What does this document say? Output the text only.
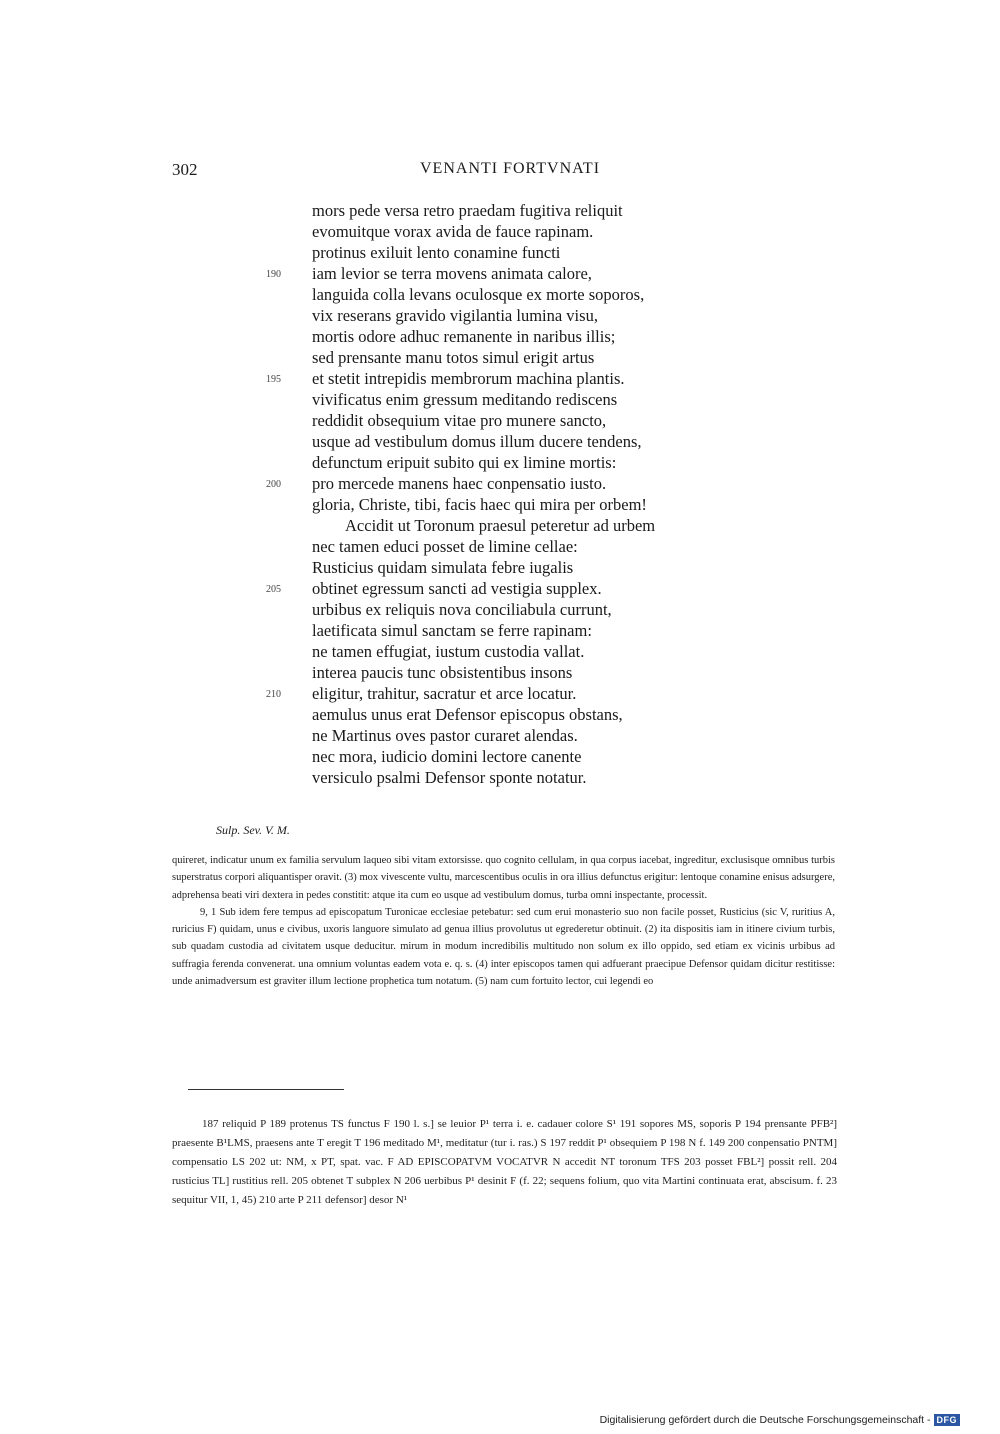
302	VENANTI FORTVNATI
mors pede versa retro praedam fugitiva reliquit
evomuitque vorax avida de fauce rapinam.
protinus exiluit lento conamine functi
190 iam levior se terra movens animata calore,
languida colla levans oculosque ex morte soporos,
vix reserans gravido vigilantia lumina visu,
mortis odore adhuc remanente in naribus illis;
sed prensante manu totos simul erigit artus
195 et stetit intrepidis membrorum machina plantis.
vivificatus enim gressum meditando rediscens
reddidit obsequium vitae pro munere sancto,
usque ad vestibulum domus illum ducere tendens,
defunctum eripuit subito qui ex limine mortis:
200 pro mercede manens haec conpensatio iusto.
gloria, Christe, tibi, facis haec qui mira per orbem!
Accidit ut Toronum praesul peteretur ad urbem
nec tamen educi posset de limine cellae:
Rusticius quidam simulata febre iugalis
205 obtinet egressum sancti ad vestigia supplex.
urbibus ex reliquis nova conciliabula currunt,
laetificata simul sanctam se ferre rapinam:
ne tamen effugiat, iustum custodia vallat.
interea paucis tunc obsistentibus insons
210 eligitur, trahitur, sacratur et arce locatur.
aemulus unus erat Defensor episcopus obstans,
ne Martinus oves pastor curaret alendas.
nec mora, iudicio domini lectore canente
versiculo psalmi Defensor sponte notatur.
Sulp. Sev. V. M.

quireret, indicatur unum ex familia servulum laqueo sibi vitam extorsisse. quo cognito cellulam, in qua corpus iacebat, ingreditur, exclusisque omnibus turbis superstratus corpori aliquantisper oravit. (3) mox vivescente vultu, marcescentibus oculis in ora illius defunctus erigitur: lentoque conamine enisus adsurgere, adprehensa beati viri dextera in pedes constitit: atque ita cum eo usque ad vestibulum domus, turba omni inspectante, processit.

9, 1 Sub idem fere tempus ad episcopatum Turonicae ecclesiae petebatur: sed cum erui monasterio suo non facile posset, Rusticius (sic V, ruritius A, ruricius F) quidam, unus e civibus, uxoris languore simulato ad genua illius provolutus ut egrederetur obtinuit. (2) ita dispositis iam in itinere civium turbis, sub quadam custodia ad civitatem usque deducitur. mirum in modum incredibilis multitudo non solum ex illo oppido, sed etiam ex vicinis urbibus ad suffragia ferenda convenerat. una omnium voluntas eadem vota e. q. s. (4) inter episcopos tamen qui adfuerant praecipue Defensor quidam dicitur restitisse: unde animadversum est graviter illum lectione prophetica tum notatum. (5) nam cum fortuito lector, cui legendi eo

187 reliquid P 189 protenus TS functus F 190 l. s.] se leuior P¹ terra i. e. cadauer colore S¹ 191 sopores MS, soporis P 194 prensante PFB²] praesente B¹LMS, praesens ante T eregit T 196 meditado M¹, meditatur (tur i. ras.) S 197 reddit P¹ obsequiem P 198 N f. 149 200 conpensatio PNTM] compensatio LS 202 ut: NM, x PT, spat. vac. F AD EPISCOPATVM VOCATVR N accedit NT toronum TFS 203 posset FBL²] possit rell. 204 rusticius TL] rustitius rell. 205 obtenet T subplex N 206 uerbibus P¹ desinit F (f. 22; sequens folium, quo vita Martini continuata erat, abscisum. f. 23 sequitur VII, 1, 45) 210 arte P 211 defensor] desor N¹

Digitalisierung gefördert durch die Deutsche Forschungsgemeinschaft - DFG
